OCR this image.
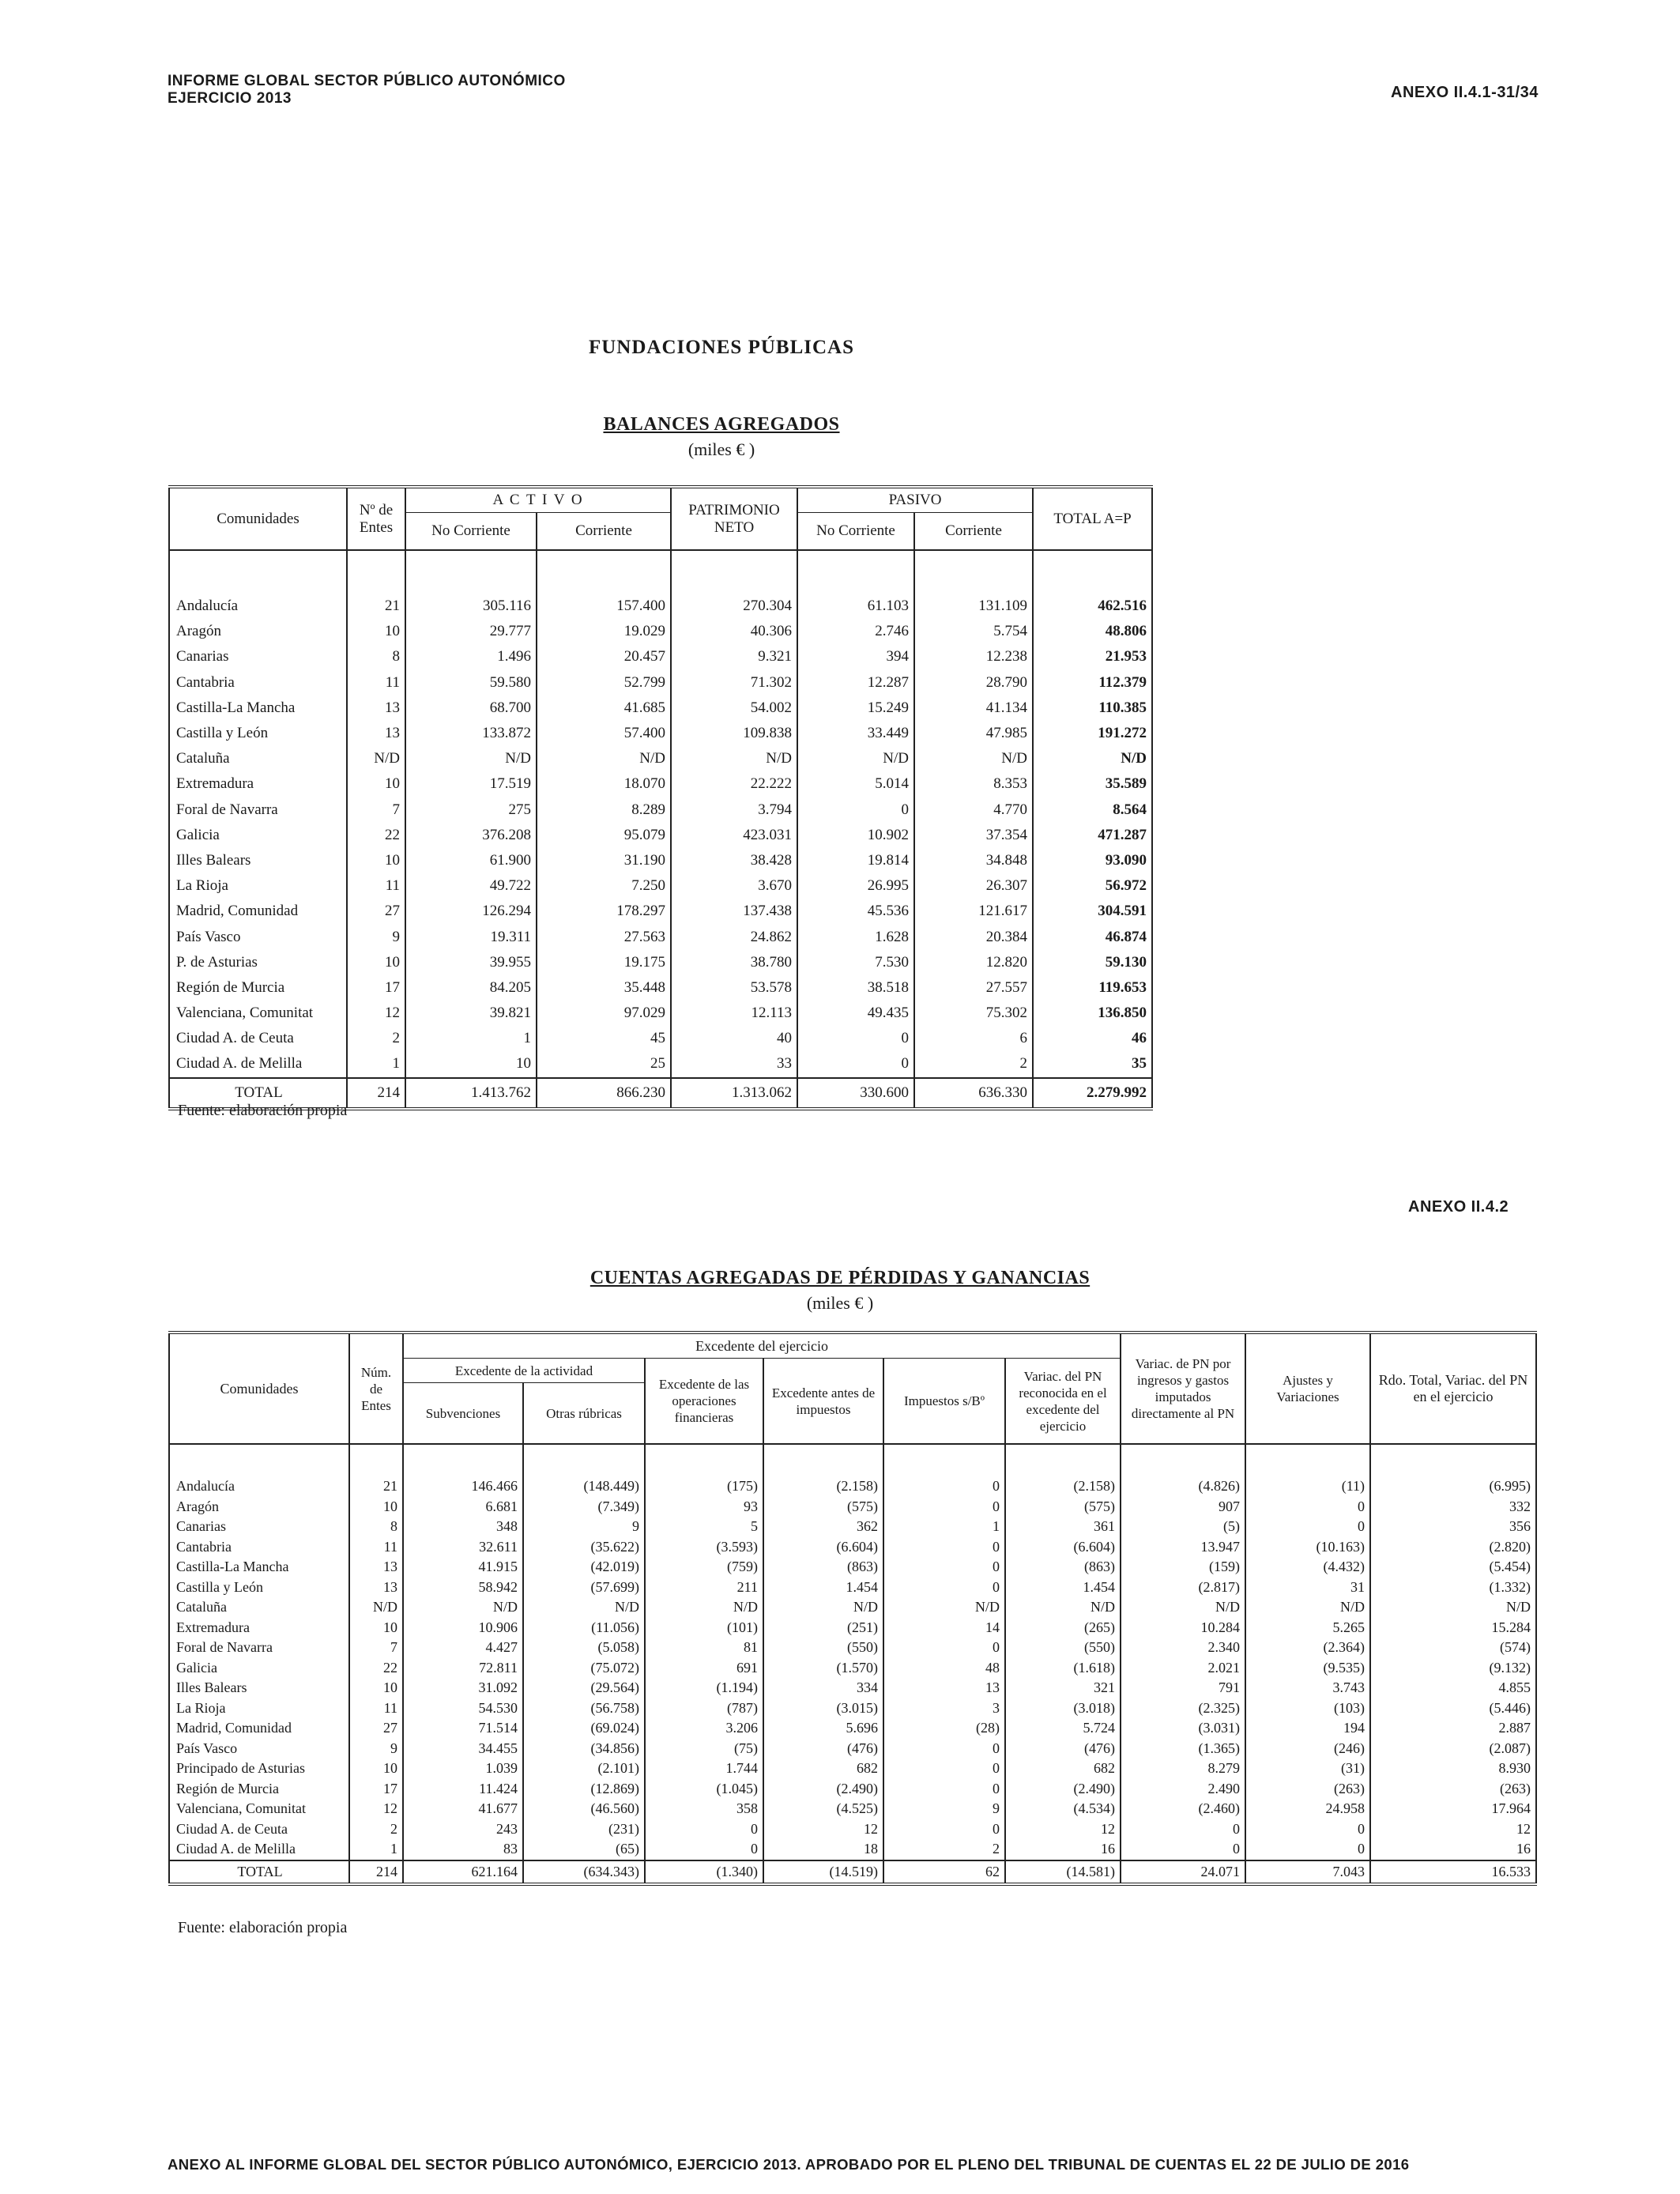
INFORME GLOBAL SECTOR PÚBLICO AUTONÓMICO
EJERCICIO 2013	ANEXO II.4.1-31/34
FUNDACIONES PÚBLICAS
BALANCES AGREGADOS
(miles € )
Comunidades	Nº de Entes	A C T I V O		PATRIMONIO NETO	PASIVO		TOTAL A=P
		No Corriente	Corriente		No Corriente	Corriente	

Andalucía	21	305.116	157.400	270.304	61.103	131.109	462.516
Aragón	10	29.777	19.029	40.306	2.746	5.754	48.806
Canarias	8	1.496	20.457	9.321	394	12.238	21.953
Cantabria	11	59.580	52.799	71.302	12.287	28.790	112.379
Castilla-La Mancha	13	68.700	41.685	54.002	15.249	41.134	110.385
Castilla y León	13	133.872	57.400	109.838	33.449	47.985	191.272
Cataluña	N/D	N/D	N/D	N/D	N/D	N/D	N/D
Extremadura	10	17.519	18.070	22.222	5.014	8.353	35.589
Foral de Navarra	7	275	8.289	3.794	0	4.770	8.564
Galicia	22	376.208	95.079	423.031	10.902	37.354	471.287
Illes Balears	10	61.900	31.190	38.428	19.814	34.848	93.090
La Rioja	11	49.722	7.250	3.670	26.995	26.307	56.972
Madrid, Comunidad	27	126.294	178.297	137.438	45.536	121.617	304.591
País Vasco	9	19.311	27.563	24.862	1.628	20.384	46.874
P. de Asturias	10	39.955	19.175	38.780	7.530	12.820	59.130
Región de Murcia	17	84.205	35.448	53.578	38.518	27.557	119.653
Valenciana, Comunitat	12	39.821	97.029	12.113	49.435	75.302	136.850
Ciudad A. de Ceuta	2	1	45	40	0	6	46
Ciudad A. de Melilla	1	10	25	33	0	2	35
TOTAL	214	1.413.762	866.230	1.313.062	330.600	636.330	2.279.992
Fuente: elaboración propia
ANEXO II.4.2
CUENTAS AGREGADAS DE PÉRDIDAS Y GANANCIAS
(miles € )
Comunidades	Núm. de Entes	Excedente del ejercicio						Variac. de PN por ingresos y gastos imputados directamente al PN	Ajustes y Variaciones	Rdo. Total, Variac. del PN en el ejercicio
		Excedente de la actividad		Excedente de las operaciones financieras	Excedente antes de impuestos	Impuestos s/Bº	Variac. del PN reconocida en el excedente del ejercicio			
		Subvenciones	Otras rúbricas							

Andalucía	21	146.466	(148.449)	(175)	(2.158)	0	(2.158)	(4.826)	(11)	(6.995)
Aragón	10	6.681	(7.349)	93	(575)	0	(575)	907	0	332
Canarias	8	348	9	5	362	1	361	(5)	0	356
Cantabria	11	32.611	(35.622)	(3.593)	(6.604)	0	(6.604)	13.947	(10.163)	(2.820)
Castilla-La Mancha	13	41.915	(42.019)	(759)	(863)	0	(863)	(159)	(4.432)	(5.454)
Castilla y León	13	58.942	(57.699)	211	1.454	0	1.454	(2.817)	31	(1.332)
Cataluña	N/D	N/D	N/D	N/D	N/D	N/D	N/D	N/D	N/D	N/D
Extremadura	10	10.906	(11.056)	(101)	(251)	14	(265)	10.284	5.265	15.284
Foral de Navarra	7	4.427	(5.058)	81	(550)	0	(550)	2.340	(2.364)	(574)
Galicia	22	72.811	(75.072)	691	(1.570)	48	(1.618)	2.021	(9.535)	(9.132)
Illes Balears	10	31.092	(29.564)	(1.194)	334	13	321	791	3.743	4.855
La Rioja	11	54.530	(56.758)	(787)	(3.015)	3	(3.018)	(2.325)	(103)	(5.446)
Madrid, Comunidad	27	71.514	(69.024)	3.206	5.696	(28)	5.724	(3.031)	194	2.887
País Vasco	9	34.455	(34.856)	(75)	(476)	0	(476)	(1.365)	(246)	(2.087)
Principado de Asturias	10	1.039	(2.101)	1.744	682	0	682	8.279	(31)	8.930
Región de Murcia	17	11.424	(12.869)	(1.045)	(2.490)	0	(2.490)	2.490	(263)	(263)
Valenciana, Comunitat	12	41.677	(46.560)	358	(4.525)	9	(4.534)	(2.460)	24.958	17.964
Ciudad A. de Ceuta	2	243	(231)	0	12	0	12	0	0	12
Ciudad A. de Melilla	1	83	(65)	0	18	2	16	0	0	16
TOTAL	214	621.164	(634.343)	(1.340)	(14.519)	62	(14.581)	24.071	7.043	16.533
Fuente: elaboración propia
ANEXO AL INFORME GLOBAL DEL SECTOR PÚBLICO AUTONÓMICO, EJERCICIO 2013. APROBADO POR EL PLENO DEL TRIBUNAL DE CUENTAS EL 22 DE JULIO DE 2016
